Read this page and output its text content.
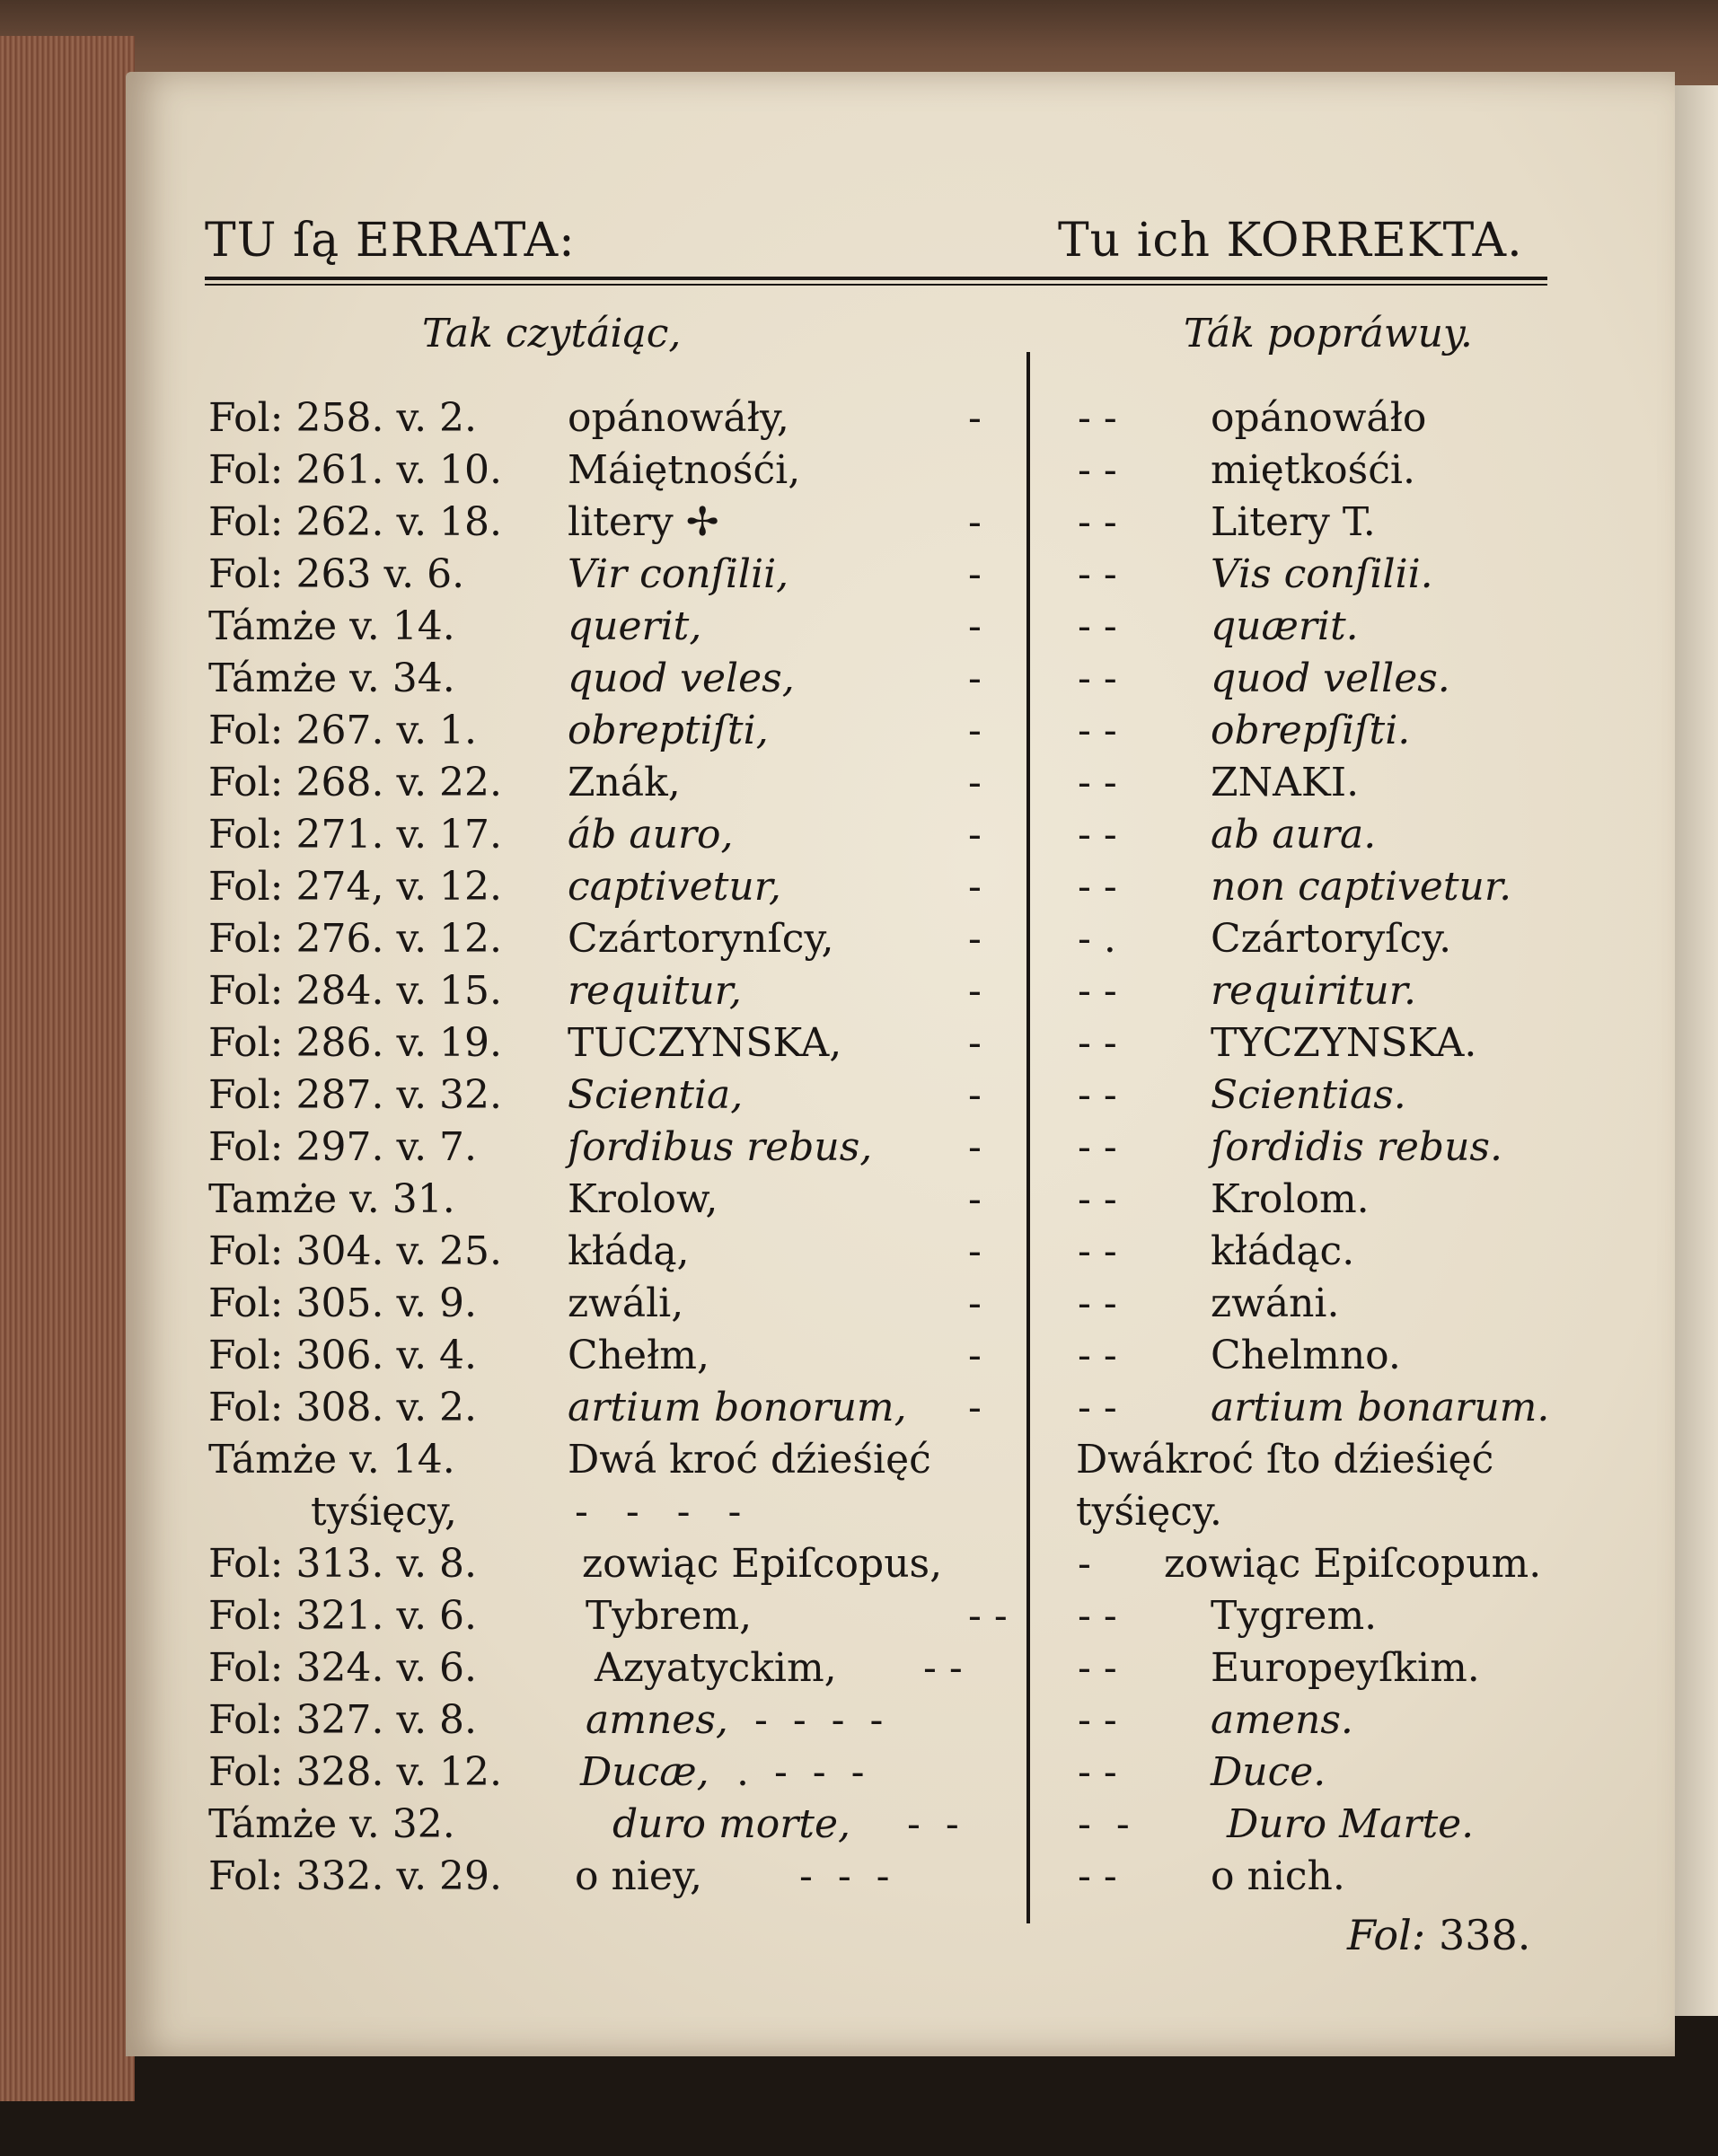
TU ſą ERRATA:	Tu ich KORREKTA.
Tak czytáiąc,	Ták popráwuy.
Fol: 258. v. 2. opánowáły,	- - - opánowáło
Fol: 261. v. 10. Máiętnośći,	- - miętkośći.
Fol: 262. v. 18. litery ✢	- - - Litery T.
Fol: 263 v. 6.	Vir conſilii,	- - - Vis conſilii.
Támże v. 14.	querit,	- - - quærit.
Támże v. 34.	quod veles,	- - - quod velles.
Fol: 267. v. 1. obreptiſti,	- - - obrepſiſti.
Fol: 268. v. 22. Znák,	- - - ZNAKI.
Fol: 271. v. 17. áb auro,	- - - ab aura.
Fol: 274, v. 12. captivetur,	- - - non captivetur.
Fol: 276. v. 12. Czártorynſcy,	- - . Czártoryſcy.
Fol: 284. v. 15. requitur,	- - - requiritur.
Fol: 286. v. 19. TUCZYNSKA,	- - - TYCZYNSKA.
Fol: 287. v. 32. Scientia,	- - - Scientias.
Fol: 297. v. 7. ſordibus rebus, - - - ſordidis rebus.
Tamże v. 31.	Krolow,	- - - Krolom.
Fol: 304. v. 25. kłádą,	- - - kłádąc.
Fol: 305. v. 9. zwáli,	- - - zwáni.
Fol: 306. v. 4. Chełm,	- - - Chelmno.
Fol: 308. v. 2. artium bonorum, - - - artium bonarum.
Támże v. 14.	Dwá kroć dźieśięć	Dwákroć ſto dźieśięć
tyśięcy,	-   -   -   -	tyśięcy.
Fol: 313. v. 8.	zowiąc Epiſcopus,	- zowiąc Epiſcopum.
Fol: 321. v. 6.	Tybrem,	- - - - Tygrem.
Fol: 324. v. 6.	Azyatyckim, - -	- - Europeyſkim.
Fol: 327. v. 8.	amnes, -  -  -  -	- - amens.
Fol: 328. v. 12. Ducæ, .  -  -  -	- - Duce.
Támże v. 32.	duro morte, -  -	-  - Duro Marte.
Fol: 332. v. 29. o niey, -  -  -	- - o nich.
Fol: 338.
